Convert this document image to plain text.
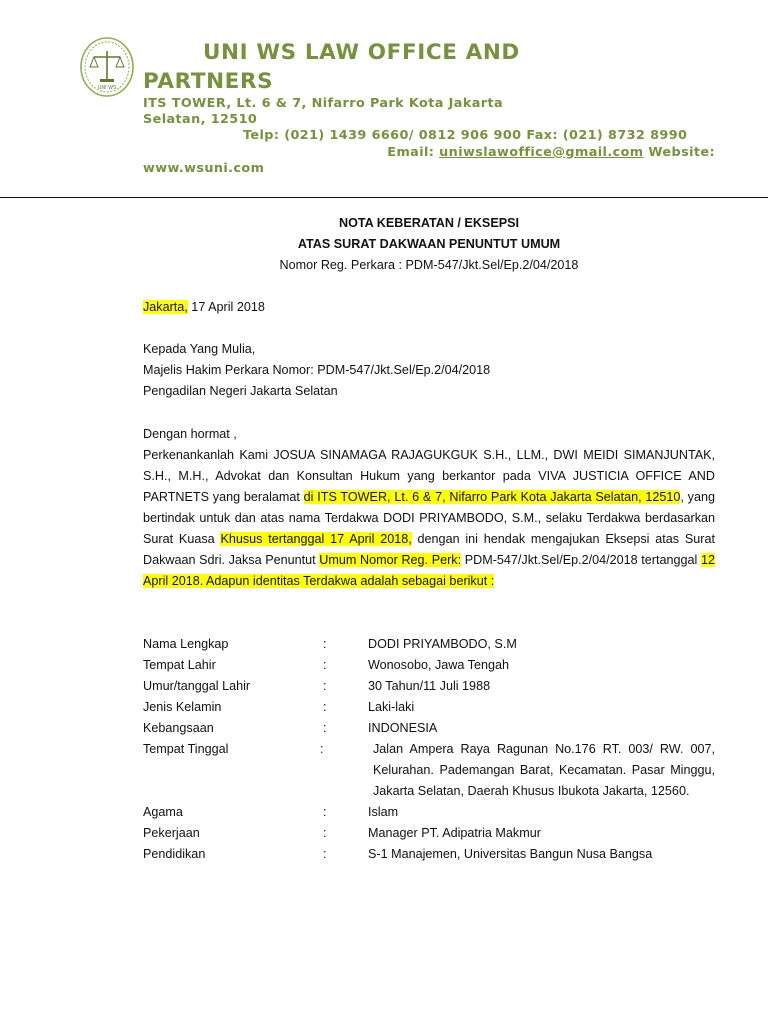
UNI WS
UNI WS LAW OFFICE AND
PARTNERS
ITS TOWER, Lt. 6 & 7, Nifarro Park Kota Jakarta
Selatan, 12510
Telp: (021) 1439 6660/ 0812 906 900 Fax: (021) 8732 8990
Email: uniwslawoffice@gmail.com Website:
www.wsuni.com
NOTA KEBERATAN / EKSEPSI
ATAS SURAT DAKWAAN PENUNTUT UMUM
Nomor Reg. Perkara : PDM-547/Jkt.Sel/Ep.2/04/2018
Jakarta, 17 April 2018
Kepada Yang Mulia,
Majelis Hakim Perkara Nomor: PDM-547/Jkt.Sel/Ep.2/04/2018
Pengadilan Negeri Jakarta Selatan
Dengan hormat ,
Perkenankanlah Kami JOSUA SINAMAGA RAJAGUKGUK S.H., LLM., DWI MEIDI SIMANJUNTAK, S.H., M.H., Advokat dan Konsultan Hukum yang berkantor pada VIVA JUSTICIA OFFICE AND PARTNETS yang beralamat di ITS TOWER, Lt. 6 & 7, Nifarro Park Kota Jakarta Selatan, 12510, yang bertindak untuk dan atas nama Terdakwa DODI PRIYAMBODO, S.M., selaku Terdakwa berdasarkan Surat Kuasa Khusus tertanggal 17 April 2018, dengan ini hendak mengajukan Eksepsi atas Surat Dakwaan Sdri. Jaksa Penuntut Umum Nomor Reg. Perk: PDM-547/Jkt.Sel/Ep.2/04/2018 tertanggal 12 April 2018. Adapun identitas Terdakwa adalah sebagai berikut :
Nama Lengkap	:	DODI PRIYAMBODO, S.M
Tempat Lahir	:	Wonosobo, Jawa Tengah
Umur/tanggal Lahir	:	30 Tahun/11 Juli 1988
Jenis Kelamin	:	Laki-laki
Kebangsaan	:	INDONESIA
Tempat Tinggal	:	Jalan Ampera Raya Ragunan No.176 RT. 003/ RW. 007, Kelurahan. Pademangan Barat, Kecamatan. Pasar Minggu, Jakarta Selatan, Daerah Khusus Ibukota Jakarta, 12560.
Agama	:	Islam
Pekerjaan	:	Manager PT. Adipatria Makmur
Pendidikan	:	S-1 Manajemen, Universitas Bangun Nusa Bangsa
